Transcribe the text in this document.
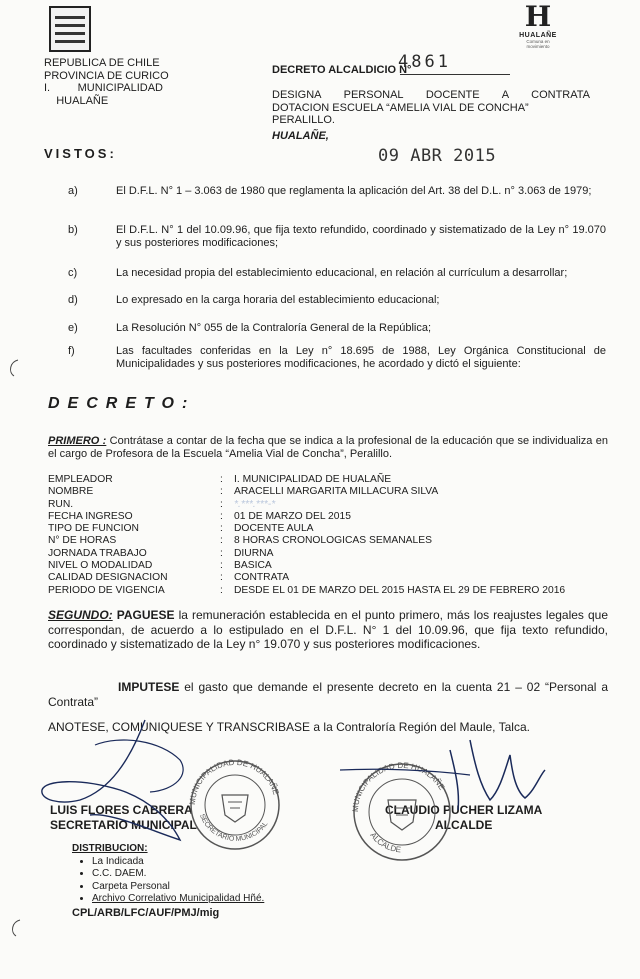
H
HUALAÑE
Comuna en movimiento
REPUBLICA DE CHILE
PROVINCIA DE CURICO
I.         MUNICIPALIDAD
HUALAÑE
DECRETO ALCALDICIO N°
4861
DESIGNA PERSONAL DOCENTE A CONTRATA
DOTACION ESCUELA “AMELIA VIAL DE CONCHA” PERALILLO.
HUALAÑE,
09 ABR 2015
VISTOS:
a)	El D.F.L. N° 1 – 3.063 de 1980 que reglamenta la aplicación del Art. 38 del D.L. n° 3.063 de 1979;
b)	El D.F.L. N° 1 del 10.09.96, que fija texto refundido, coordinado y sistematizado de la Ley n° 19.070 y sus posteriores modificaciones;
c)	La necesidad propia del establecimiento educacional, en relación al currículum a desarrollar;
d)	Lo expresado en la carga horaria del establecimiento educacional;
e)	La Resolución N° 055 de la Contraloría General de la República;
f)	Las facultades conferidas en la Ley n° 18.695 de 1988, Ley Orgánica Constitucional de Municipalidades y sus posteriores modificaciones, he acordado y dictó el siguiente:
DECRETO:
PRIMERO : Contrátase a contar de la fecha que se indica a la profesional de la educación que se individualiza en el cargo de Profesora de la Escuela “Amelia Vial de Concha”, Peralillo.
EMPLEADOR	: I. MUNICIPALIDAD DE HUALAÑE
NOMBRE	: ARACELLI MARGARITA MILLACURA SILVA
RUN.	: *.***.***-*
FECHA INGRESO	: 01 DE MARZO DEL 2015
TIPO DE FUNCION	: DOCENTE AULA
N° DE HORAS	: 8 HORAS CRONOLOGICAS SEMANALES
JORNADA TRABAJO	: DIURNA
NIVEL O MODALIDAD	: BASICA
CALIDAD DESIGNACION	: CONTRATA
PERIODO DE VIGENCIA	: DESDE EL 01 DE MARZO DEL 2015 HASTA EL 29 DE FEBRERO 2016
SEGUNDO: PAGUESE la remuneración establecida en el punto primero, más los reajustes legales que correspondan, de acuerdo a lo estipulado en el D.F.L. N° 1 del 10.09.96, que fija texto refundido, coordinado y sistematizado de la Ley n° 19.070 y sus posteriores modificaciones.
IMPUTESE el gasto que demande el presente decreto en la cuenta 21 – 02 “Personal a Contrata”
ANOTESE, COMUNIQUESE Y TRANSCRIBASE a la Contraloría Región del Maule, Talca.
LUIS FLORES CABRERA
SECRETARIO MUNICIPAL
CLAUDIO PUCHER LIZAMA
ALCALDE
DISTRIBUCION:
• La Indicada
• C.C. DAEM.
• Carpeta Personal
• Archivo Correlativo Municipalidad Hñé.
CPL/ARB/LFC/AUF/PMJ/mig
MUNICIPALIDAD DE HUALAÑE
SECRETARIO MUNICIPAL
MUNICIPALIDAD DE HUALAÑE
ALCALDE
